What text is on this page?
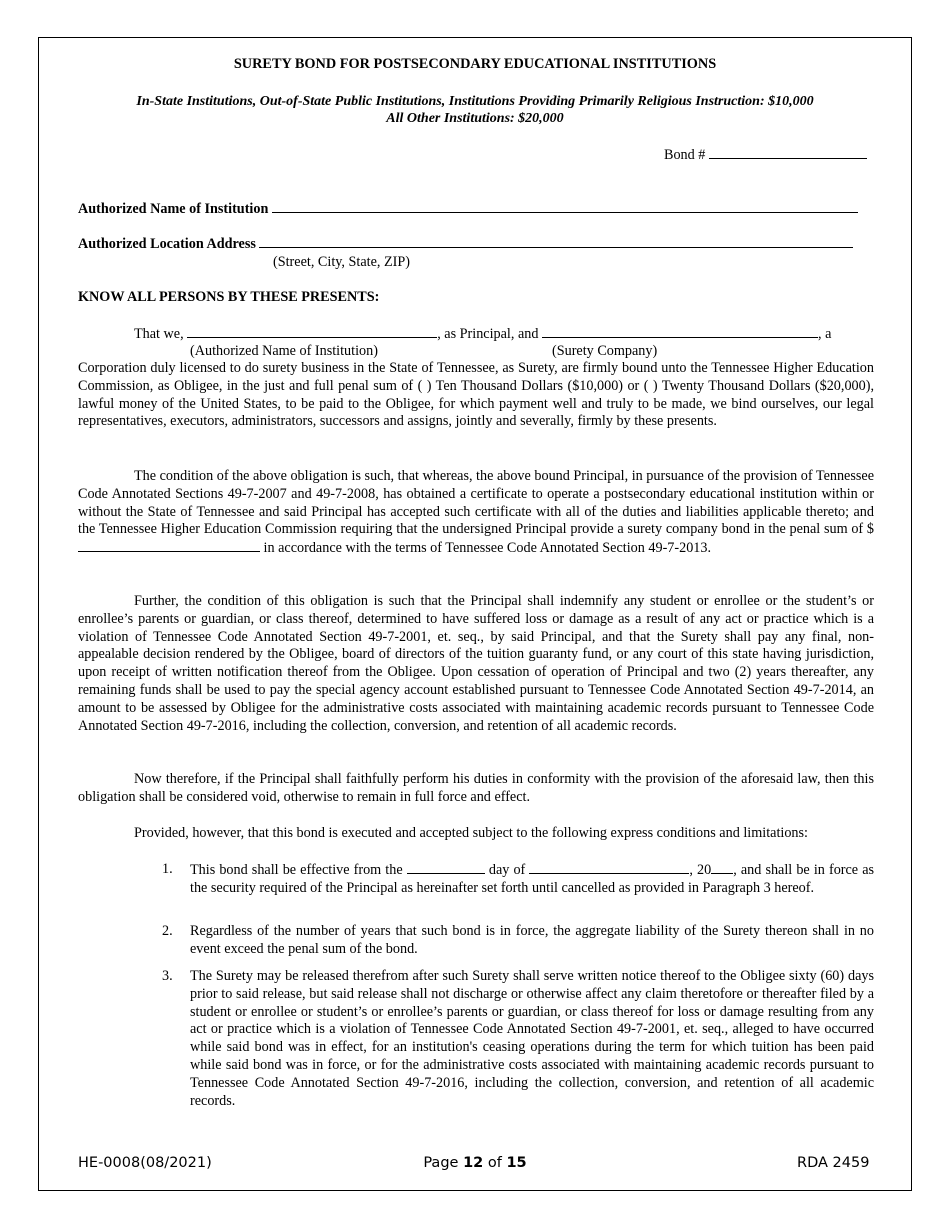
SURETY BOND FOR POSTSECONDARY EDUCATIONAL INSTITUTIONS
In-State Institutions, Out-of-State Public Institutions, Institutions Providing Primarily Religious Instruction: $10,000
All Other Institutions: $20,000
Bond #
Authorized Name of Institution
Authorized Location Address
(Street, City, State, ZIP)
KNOW ALL PERSONS BY THESE PRESENTS:
That we,	, as Principal, and	, a
(Authorized Name of Institution)	(Surety Company)

Corporation duly licensed to do surety business in the State of Tennessee, as Surety, are firmly bound unto the Tennessee Higher Education Commission, as Obligee, in the just and full penal sum of ( ) Ten Thousand Dollars ($10,000) or ( ) Twenty Thousand Dollars ($20,000), lawful money of the United States, to be paid to the Obligee, for which payment well and truly to be made, we bind ourselves, our legal representatives, executors, administrators, successors and assigns, jointly and severally, firmly by these presents.

The condition of the above obligation is such, that whereas, the above bound Principal, in pursuance of the provision of Tennessee Code Annotated Sections 49-7-2007 and 49-7-2008, has obtained a certificate to operate a postsecondary educational institution within or without the State of Tennessee and said Principal has accepted such certificate with all of the duties and liabilities applicable thereto; and the Tennessee Higher Education Commission requiring that the undersigned Principal provide a surety company bond in the penal sum of $ in accordance with the terms of Tennessee Code Annotated Section 49-7-2013.

Further, the condition of this obligation is such that the Principal shall indemnify any student or enrollee or the student’s or enrollee’s parents or guardian, or class thereof, determined to have suffered loss or damage as a result of any act or practice which is a violation of Tennessee Code Annotated Section 49-7-2001, et. seq., by said Principal, and that the Surety shall pay any final, non-appealable decision rendered by the Obligee, board of directors of the tuition guaranty fund, or any court of this state having jurisdiction, upon receipt of written notification thereof from the Obligee. Upon cessation of operation of Principal and two (2) years thereafter, any remaining funds shall be used to pay the special agency account established pursuant to Tennessee Code Annotated Section 49-7-2014, an amount to be assessed by Obligee for the administrative costs associated with maintaining academic records pursuant to Tennessee Code Annotated Section 49-7-2016, including the collection, conversion, and retention of all academic records.

Now therefore, if the Principal shall faithfully perform his duties in conformity with the provision of the aforesaid law, then this obligation shall be considered void, otherwise to remain in full force and effect.

Provided, however, that this bond is executed and accepted subject to the following express conditions and limitations:

1.	This bond shall be effective from the	day of	, 20 , and shall be in force as the security required of the Principal as hereinafter set forth until cancelled as provided in Paragraph 3 hereof.
2.	Regardless of the number of years that such bond is in force, the aggregate liability of the Surety thereon shall in no event exceed the penal sum of the bond.
3.	The Surety may be released therefrom after such Surety shall serve written notice thereof to the Obligee sixty (60) days prior to said release, but said release shall not discharge or otherwise affect any claim theretofore or thereafter filed by a student or enrollee or student’s or enrollee’s parents or guardian, or class thereof for loss or damage resulting from any act or practice which is a violation of Tennessee Code Annotated Section 49-7-2001, et. seq., alleged to have occurred while said bond was in effect, for an institution's ceasing operations during the term for which tuition has been paid while said bond was in force, or for the administrative costs associated with maintaining academic records pursuant to Tennessee Code Annotated Section 49-7-2016, including the collection, conversion, and retention of all academic records.
HE-0008(08/2021)	Page 12 of 15	RDA 2459
